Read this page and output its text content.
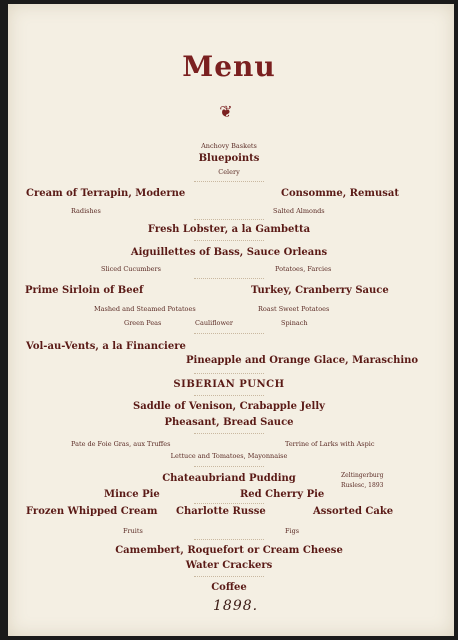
Menu
❦
Anchovy Baskets
Bluepoints
Celery
Cream of Terrapin, Moderne	Consomme, Remusat
Radishes	Salted Almonds
Fresh Lobster, a la Gambetta
Aiguillettes of Bass, Sauce Orleans
Sliced Cucumbers	Potatoes, Farcies
Prime Sirloin of Beef	Turkey, Cranberry Sauce
Mashed and Steamed Potatoes	Roast Sweet Potatoes
Green Peas	Cauliflower	Spinach
Vol-au-Vents, a la Financiere
Pineapple and Orange Glace, Maraschino
SIBERIAN PUNCH
Saddle of Venison, Crabapple Jelly
Pheasant, Bread Sauce
Pate de Foie Gras, aux Truffes	Terrine of Larks with Aspic
Lettuce and Tomatoes, Mayonnaise
Chateaubriand Pudding	Zeltingerburg
Ruslesc, 1893
Mince Pie	Red Cherry Pie
Frozen Whipped Cream Charlotte Russe	Assorted Cake
Fruits	Figs
Camembert, Roquefort or Cream Cheese
Water Crackers
Coffee
1898.
